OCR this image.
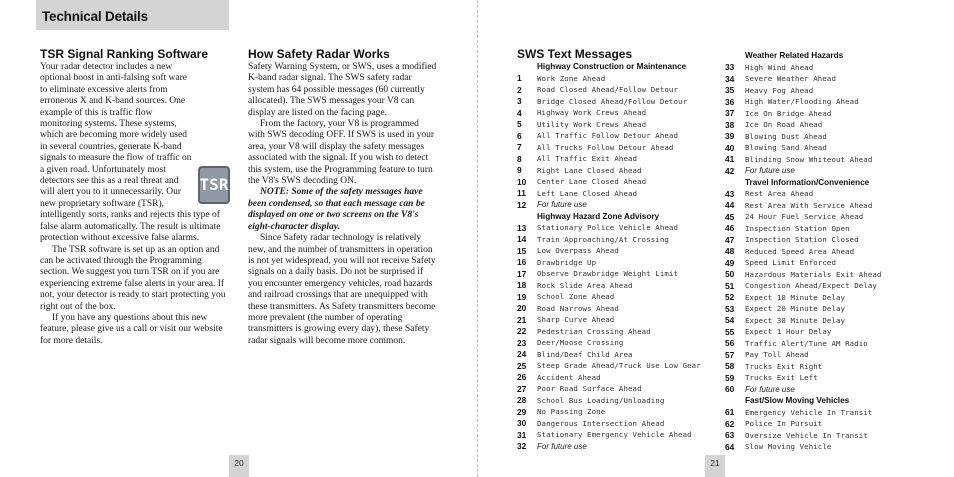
Technical Details
TSR Signal Ranking Software
TSR

Your radar detector includes a new optional boost in anti-falsing soft ware to eliminate excessive alerts from erroneous X and K-band sources. One example of this is traffic flow monitoring systems. These systems, which are becoming more widely used in several countries, generate K-band signals to measure the flow of traffic on a given road. Unfortunately most detectors see this as a real threat and will alert you to it unnecessarily. Our new proprietary software (TSR), intelligently sorts, ranks and rejects this type of false alarm automatically. The result is ultimate protection without excessive false alarms.

The TSR software is set up as an option and can be activated through the Programming section. We suggest you turn TSR on if you are experiencing extreme false alerts in your area. If not, your detector is ready to start protecting you right out of the box.

If you have any questions about this new feature, please give us a call or visit our website for more details.

How Safety Radar Works

Safety Warning System, or SWS, uses a modified K-band radar signal. The SWS safety radar system has 64 possible messages (60 currently allocated). The SWS messages your V8 can display are listed on the facing page.

From the factory, your V8 is programmed with SWS decoding OFF. If SWS is used in your area, your V8 will display the safety messages associated with the signal. If you wish to detect this system, use the Programming feature to turn the V8's SWS decoding ON.

NOTE: Some of the safety messages have been condensed, so that each message can be displayed on one or two screens on the V8's eight-character display.

Since Safety radar technology is relatively new, and the number of transmitters in operation is not yet widespread, you will not receive Safety signals on a daily basis. Do not be surprised if you encounter emergency vehicles, road hazards and railroad crossings that are unequipped with these transmitters. As Safety transmitters become more prevalent (the number of operating transmitters is growing every day), these Safety radar signals will become more common.

20
SWS Text Messages
Highway Construction or Maintenance
1	Work Zone Ahead
2	Road Closed Ahead/Follow Detour
3	Bridge Closed Ahead/Follow Detour
4	Highway Work Crews Ahead
5	Utility Work Crews Ahead
6	All Traffic Follow Detour Ahead
7	All Trucks Follow Detour Ahead
8	All Traffic Exit Ahead
9	Right Lane Closed Ahead
10	Center Lane Closed Ahead
11	Left Lane Closed Ahead
12	For future use
Highway Hazard Zone Advisory
13	Stationary Police Vehicle Ahead
14	Train Approaching/At Crossing
15	Low Overpass Ahead
16	Drawbridge Up
17	Observe Drawbridge Weight Limit
18	Rock Slide Area Ahead
19	School Zone Ahead
20	Road Narrows Ahead
21	Sharp Curve Ahead
22	Pedestrian Crossing Ahead
23	Deer/Moose Crossing
24	Blind/Deaf Child Area
25	Steep Grade Ahead/Truck Use Low Gear
26	Accident Ahead
27	Poor Road Surface Ahead
28	School Bus Loading/Unloading
29	No Passing Zone
30	Dangerous Intersection Ahead
31	Stationary Emergency Vehicle Ahead
32	For future use
Weather Related Hazards
33	High Wind Ahead
34	Severe Weather Ahead
35	Heavy Fog Ahead
36	High Water/Flooding Ahead
37	Ice On Bridge Ahead
38	Ice On Road Ahead
39	Blowing Dust Ahead
40	Blowing Sand Ahead
41	Blinding Snow Whiteout Ahead
42	For future use
Travel Information/Convenience
43	Rest Area Ahead
44	Rest Area With Service Ahead
45	24 Hour Fuel Service Ahead
46	Inspection Station Open
47	Inspection Station Closed
48	Reduced Speed Area Ahead
49	Speed Limit Enforced
50	Hazardous Materials Exit Ahead
51	Congestion Ahead/Expect Delay
52	Expect 10 Minute Delay
53	Expect 20 Minute Delay
54	Expect 30 Minute Delay
55	Expect 1 Hour Delay
56	Traffic Alert/Tune AM Radio
57	Pay Toll Ahead
58	Trucks Exit Right
59	Trucks Exit Left
60	For future use
Fast/Slow Moving Vehicles
61	Emergency Vehicle In Transit
62	Police In Pursuit
63	Oversize Vehicle In Transit
64	Slow Moving Vehicle
21
